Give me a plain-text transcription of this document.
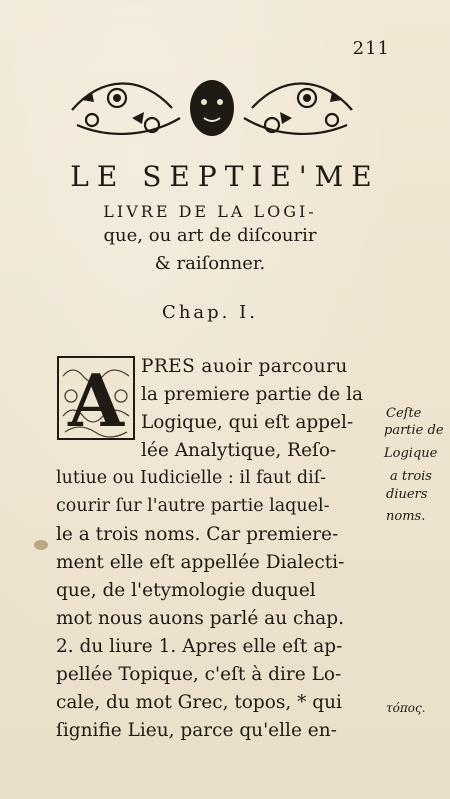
211
LE SEPTIE'ME
LIVRE DE LA LOGI-
que, ou art de diſcourir
& raiſonner.
Chap. I.
A PRES auoir parcouru
la premiere partie de la
Logique, qui eſt appel-
lée Analytique, Reſo-
lutiue ou Iudicielle : il faut diſ-
courir ſur l'autre partie laquel-
le a trois noms. Car premiere-
ment elle eſt appellée Dialecti-
que, de l'etymologie duquel
mot nous auons parlé au chap.
2. du liure 1. Apres elle eſt ap-
pellée Topique, c'eſt à dire Lo-
cale, du mot Grec, topos, * qui
ſignifie Lieu, parce qu'elle en-
Ceſte
partie de
Logique
a trois
diuers
noms.
τόπος.
